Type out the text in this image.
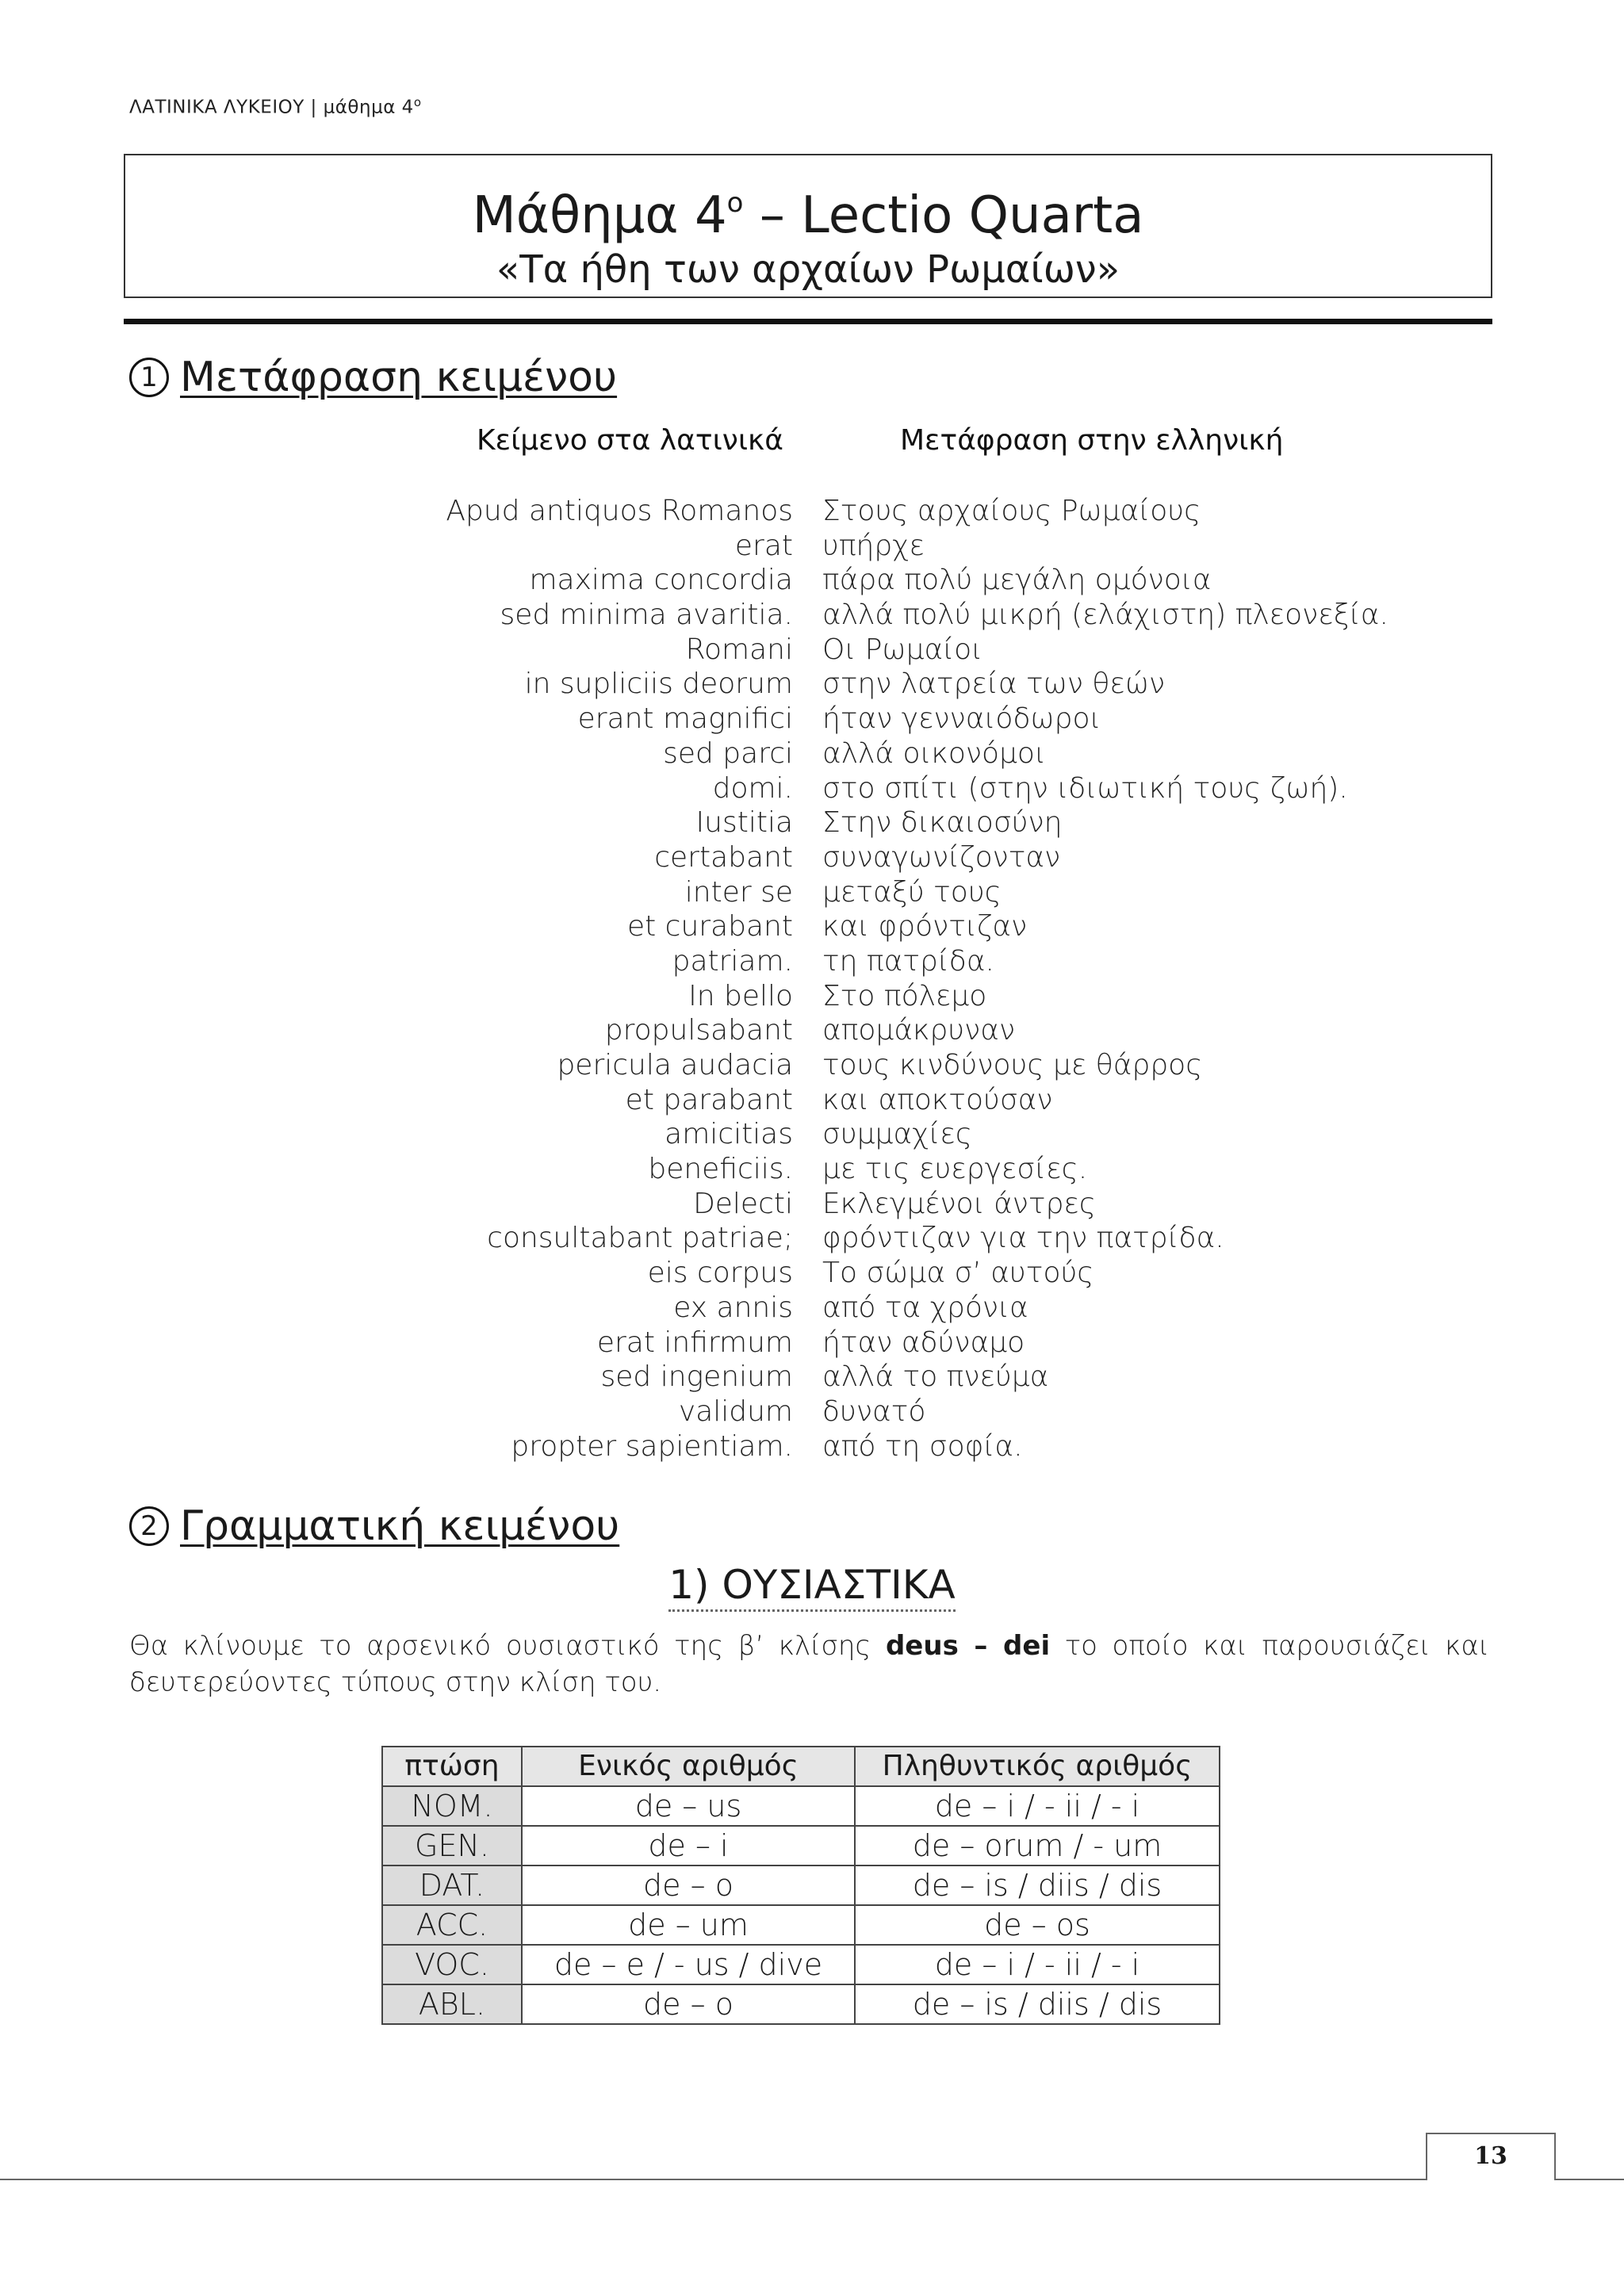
ΛΑΤΙΝΙΚΑ ΛΥΚΕΙΟΥ | μάθημα $4^o$
Μάθημα $4^o$ – Lectio Quarta
«Τα ήθη των αρχαίων Ρωμαίων»
1 Μετάφραση κειμένου
Κείμενο στα λατινικά	Μετάφραση στην ελληνική
Apud antiquos Romanos Στους αρχαίους Ρωμαίους
erat υπήρχε
maxima concordia πάρα πολύ μεγάλη ομόνοια
sed minima avaritia. αλλά πολύ μικρή (ελάχιστη) πλεονεξία.
Romani Οι Ρωμαίοι
in supliciis deorum στην λατρεία των θεών
erant magnifici ήταν γενναιόδωροι
sed parci αλλά οικονόμοι
domi. στο σπίτι (στην ιδιωτική τους ζωή).
Iustitia Στην δικαιοσύνη
certabant συναγωνίζονταν
inter se μεταξύ τους
et curabant και φρόντιζαν
patriam. τη πατρίδα.
In bello Στο πόλεμο
propulsabant απομάκρυναν
pericula audacia τους κινδύνους με θάρρος
et parabant και αποκτούσαν
amicitias συμμαχίες
beneficiis. με τις ευεργεσίες.
Delecti Εκλεγμένοι άντρες
consultabant patriae; φρόντιζαν για την πατρίδα.
eis corpus Το σώμα σ’ αυτούς
ex annis από τα χρόνια
erat infirmum ήταν αδύναμο
sed ingenium αλλά το πνεύμα
validum δυνατό
propter sapientiam. από τη σοφία.
2 Γραμματική κειμένου
1) ΟΥΣΙΑΣΤΙΚΑ
Θα κλίνουμε το αρσενικό ουσιαστικό της β’ κλίσης deus – dei το οποίο και παρουσιάζει και δευτερεύοντες τύπους στην κλίση του.
πτώση	Ενικός αριθμός	Πληθυντικός αριθμός
NOM.	de – us	de – i / - ii / - i
GEN.	de – i	de – orum / - um
DAT.	de – o	de – is / diis / dis
ACC.	de – um	de – os
VOC.	de – e / - us / dive	de – i / - ii / - i
ABL.	de – o	de – is / diis / dis
13
